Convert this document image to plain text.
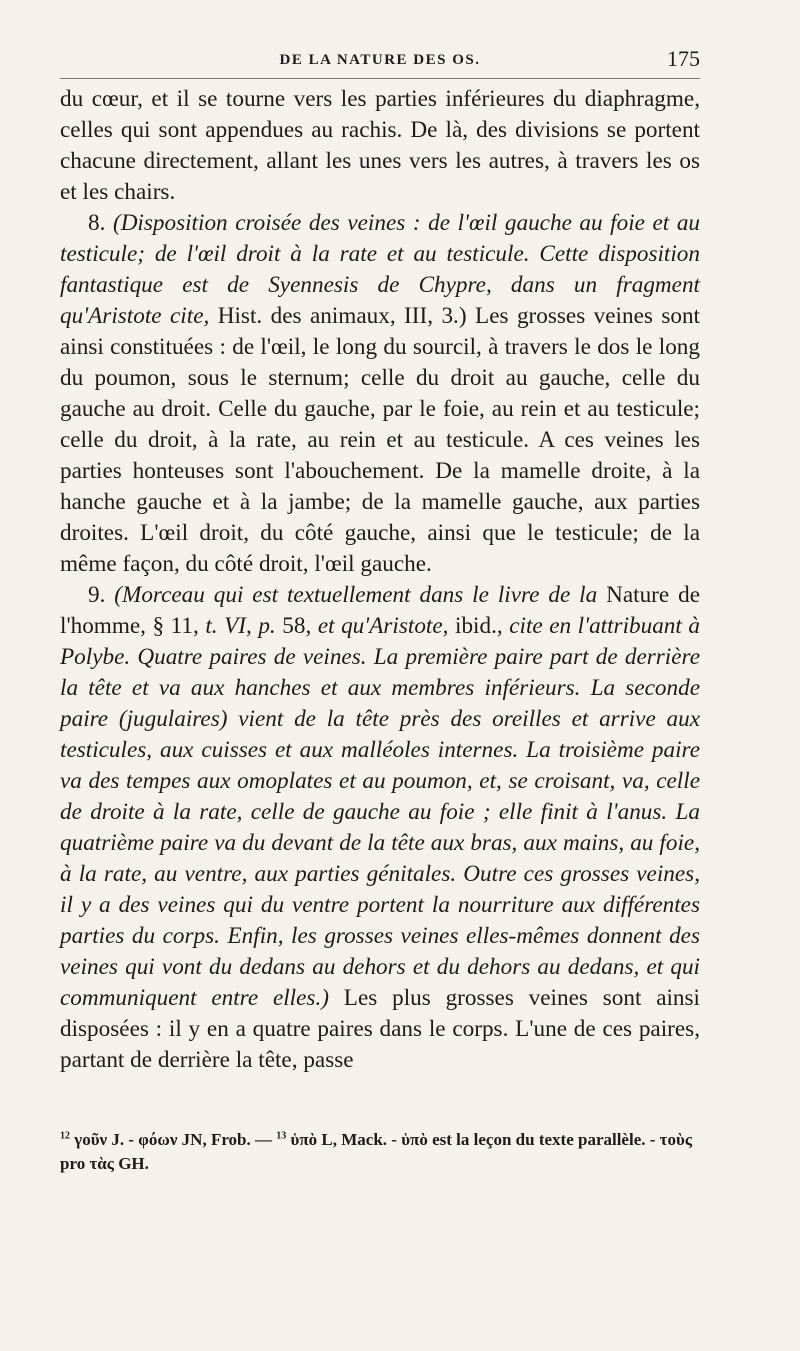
DE LA NATURE DES OS.	175

du cœur, et il se tourne vers les parties inférieures du diaphragme, celles qui sont appendues au rachis. De là, des divisions se portent chacune directement, allant les unes vers les autres, à travers les os et les chairs.

8. (Disposition croisée des veines : de l'œil gauche au foie et au testicule; de l'œil droit à la rate et au testicule. Cette disposition fantastique est de Syennesis de Chypre, dans un fragment qu'Aristote cite, Hist. des animaux, III, 3.) Les grosses veines sont ainsi constituées : de l'œil, le long du sourcil, à travers le dos le long du poumon, sous le sternum; celle du droit au gauche, celle du gauche au droit. Celle du gauche, par le foie, au rein et au testicule; celle du droit, à la rate, au rein et au testicule. A ces veines les parties honteuses sont l'abouchement. De la mamelle droite, à la hanche gauche et à la jambe; de la mamelle gauche, aux parties droites. L'œil droit, du côté gauche, ainsi que le testicule; de la même façon, du côté droit, l'œil gauche.

9. (Morceau qui est textuellement dans le livre de la Nature de l'homme, § 11, t. VI, p. 58, et qu'Aristote, ibid., cite en l'attribuant à Polybe. Quatre paires de veines. La première paire part de derrière la tête et va aux hanches et aux membres inférieurs. La seconde paire (jugulaires) vient de la tête près des oreilles et arrive aux testicules, aux cuisses et aux malléoles internes. La troisième paire va des tempes aux omoplates et au poumon, et, se croisant, va, celle de droite à la rate, celle de gauche au foie ; elle finit à l'anus. La quatrième paire va du devant de la tête aux bras, aux mains, au foie, à la rate, au ventre, aux parties génitales. Outre ces grosses veines, il y a des veines qui du ventre portent la nourriture aux différentes parties du corps. Enfin, les grosses veines elles-mêmes donnent des veines qui vont du dedans au dehors et du dehors au dedans, et qui communiquent entre elles.) Les plus grosses veines sont ainsi disposées : il y en a quatre paires dans le corps. L'une de ces paires, partant de derrière la tête, passe

$^{12}$ γοῦν J. - φόων JN, Frob. — $^{13}$ ὑπὸ L, Mack. - ὑπὸ est la leçon du texte parallèle. - τοὺς pro τὰς GH.
